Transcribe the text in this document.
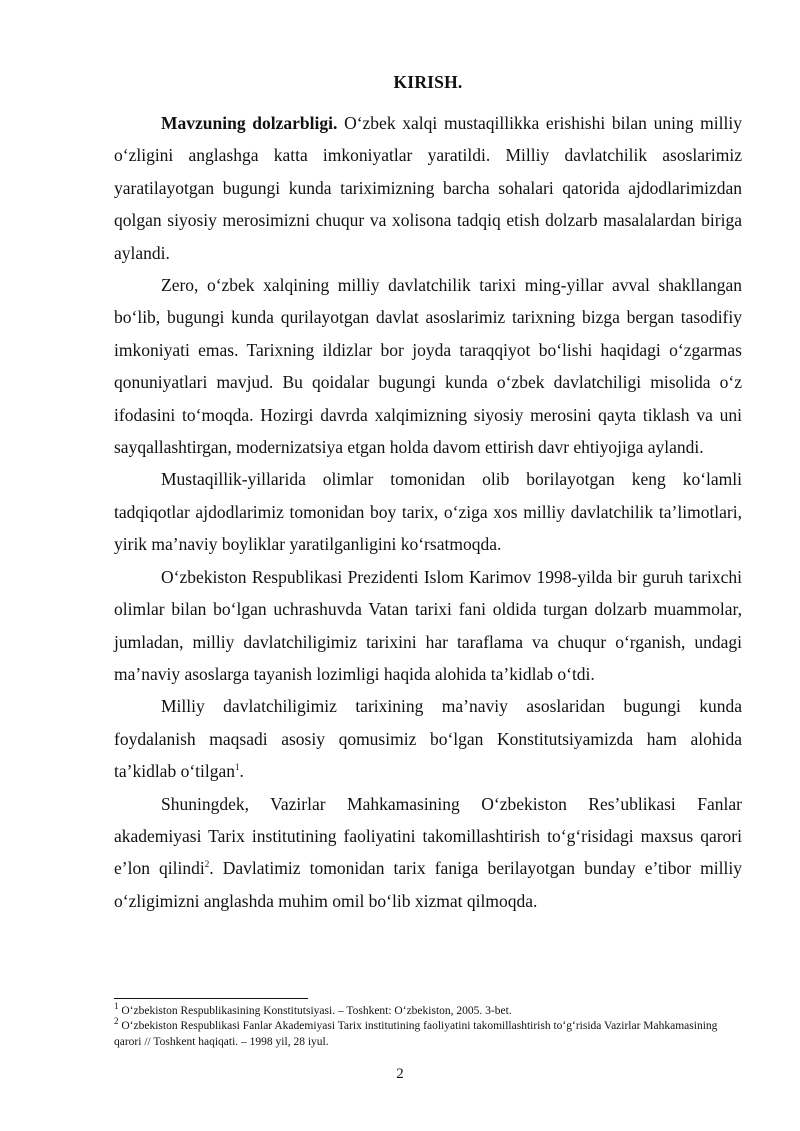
KIRISH.

Mavzuning dolzarbligi. O‘zbek xalqi mustaqillikka erishishi bilan uning milliy o‘zligini anglashga katta imkoniyatlar yaratildi. Milliy davlatchilik asoslarimiz yaratilayotgan bugungi kunda tariximizning barcha sohalari qatorida ajdodlarimizdan qolgan siyosiy merosimizni chuqur va xolisona tadqiq etish dolzarb masalalardan biriga aylandi.

Zero, o‘zbek xalqining milliy davlatchilik tarixi ming-yillar avval shakllangan bo‘lib, bugungi kunda qurilayotgan davlat asoslarimiz tarixning bizga bergan tasodifiy imkoniyati emas. Tarixning ildizlar bor joyda taraqqiyot bo‘lishi haqidagi o‘zgarmas qonuniyatlari mavjud. Bu qoidalar bugungi kunda o‘zbek davlatchiligi misolida o‘z ifodasini to‘moqda. Hozirgi davrda xalqimizning siyosiy merosini qayta tiklash va uni sayqallashtirgan, modernizatsiya etgan holda davom ettirish davr ehtiyojiga aylandi.

Mustaqillik-yillarida olimlar tomonidan olib borilayotgan keng ko‘lamli tadqiqotlar ajdodlarimiz tomonidan boy tarix, o‘ziga xos milliy davlatchilik ta’limotlari, yirik ma’naviy boyliklar yaratilganligini ko‘rsatmoqda.

O‘zbekiston Respublikasi Prezidenti Islom Karimov 1998-yilda bir guruh tarixchi olimlar bilan bo‘lgan uchrashuvda Vatan tarixi fani oldida turgan dolzarb muammolar, jumladan, milliy davlatchiligimiz tarixini har taraflama va chuqur o‘rganish, undagi ma’naviy asoslarga tayanish lozimligi haqida alohida ta’kidlab o‘tdi.

Milliy davlatchiligimiz tarixining ma’naviy asoslaridan bugungi kunda foydalanish maqsadi asosiy qomusimiz bo‘lgan Konstitutsiyamizda ham alohida ta’kidlab o‘tilgan$^1$.

Shuningdek, Vazirlar Mahkamasining O‘zbekiston Res’ublikasi Fanlar akademiyasi Tarix institutining faoliyatini takomillashtirish to‘g‘risidagi maxsus qarori e’lon qilindi$^2$. Davlatimiz tomonidan tarix faniga berilayotgan bunday e’tibor milliy o‘zligimizni anglashda muhim omil bo‘lib xizmat qilmoqda.

$^1$ O‘zbekiston Respublikasining Konstitutsiyasi. – Toshkent: O‘zbekiston, 2005. 3-bet.

$^2$ O‘zbekiston Respublikasi Fanlar Akademiyasi Tarix institutining faoliyatini takomillashtirish to‘g‘risida Vazirlar Mahkamasining qarori // Toshkent haqiqati. – 1998 yil, 28 iyul.

2
